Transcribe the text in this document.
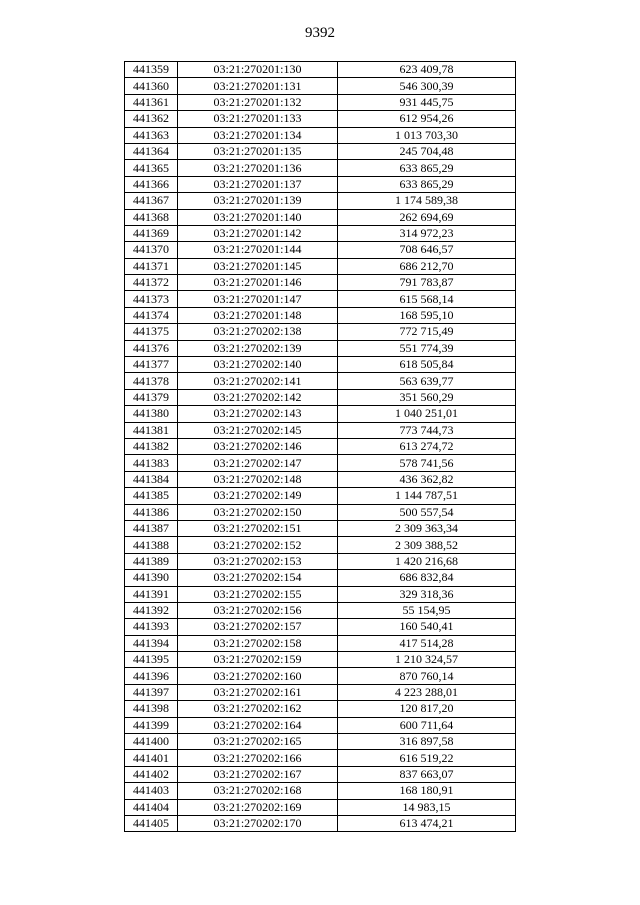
9392
441359	03:21:270201:130	623 409,78
441360	03:21:270201:131	546 300,39
441361	03:21:270201:132	931 445,75
441362	03:21:270201:133	612 954,26
441363	03:21:270201:134	1 013 703,30
441364	03:21:270201:135	245 704,48
441365	03:21:270201:136	633 865,29
441366	03:21:270201:137	633 865,29
441367	03:21:270201:139	1 174 589,38
441368	03:21:270201:140	262 694,69
441369	03:21:270201:142	314 972,23
441370	03:21:270201:144	708 646,57
441371	03:21:270201:145	686 212,70
441372	03:21:270201:146	791 783,87
441373	03:21:270201:147	615 568,14
441374	03:21:270201:148	168 595,10
441375	03:21:270202:138	772 715,49
441376	03:21:270202:139	551 774,39
441377	03:21:270202:140	618 505,84
441378	03:21:270202:141	563 639,77
441379	03:21:270202:142	351 560,29
441380	03:21:270202:143	1 040 251,01
441381	03:21:270202:145	773 744,73
441382	03:21:270202:146	613 274,72
441383	03:21:270202:147	578 741,56
441384	03:21:270202:148	436 362,82
441385	03:21:270202:149	1 144 787,51
441386	03:21:270202:150	500 557,54
441387	03:21:270202:151	2 309 363,34
441388	03:21:270202:152	2 309 388,52
441389	03:21:270202:153	1 420 216,68
441390	03:21:270202:154	686 832,84
441391	03:21:270202:155	329 318,36
441392	03:21:270202:156	55 154,95
441393	03:21:270202:157	160 540,41
441394	03:21:270202:158	417 514,28
441395	03:21:270202:159	1 210 324,57
441396	03:21:270202:160	870 760,14
441397	03:21:270202:161	4 223 288,01
441398	03:21:270202:162	120 817,20
441399	03:21:270202:164	600 711,64
441400	03:21:270202:165	316 897,58
441401	03:21:270202:166	616 519,22
441402	03:21:270202:167	837 663,07
441403	03:21:270202:168	168 180,91
441404	03:21:270202:169	14 983,15
441405	03:21:270202:170	613 474,21
